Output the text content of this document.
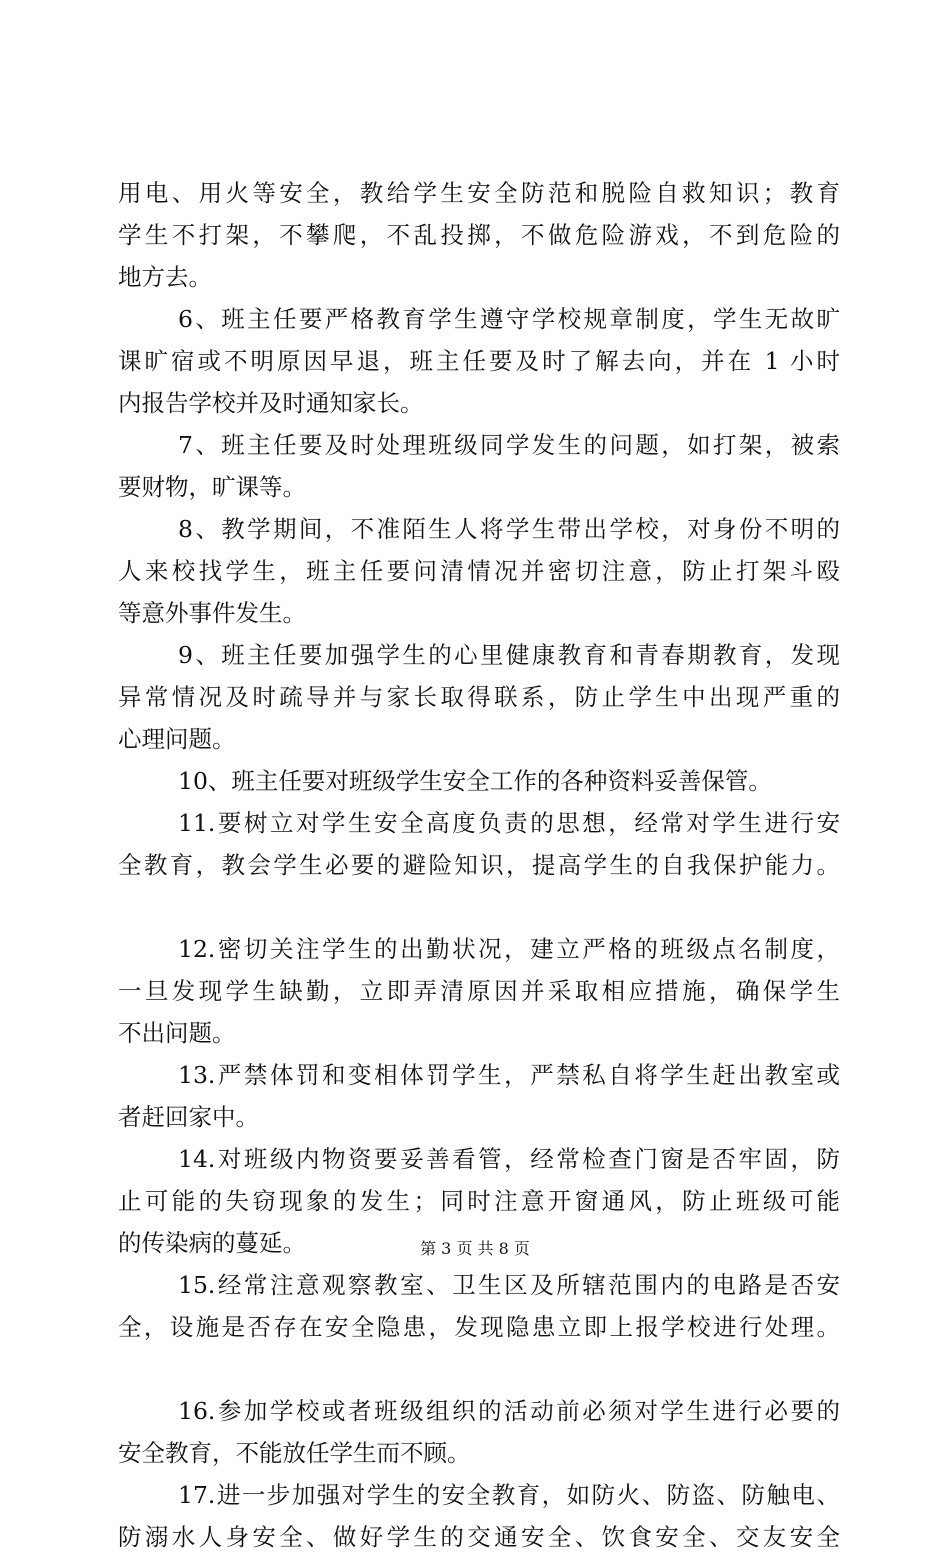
用电、用火等安全，教给学生安全防范和脱险自救知识；教育
学生不打架，不攀爬，不乱投掷，不做危险游戏，不到危险的
地方去。
6、班主任要严格教育学生遵守学校规章制度，学生无故旷
课旷宿或不明原因早退，班主任要及时了解去向，并在 1 小时
内报告学校并及时通知家长。
7、班主任要及时处理班级同学发生的问题，如打架，被索
要财物，旷课等。
8、教学期间，不准陌生人将学生带出学校，对身份不明的
人来校找学生，班主任要问清情况并密切注意，防止打架斗殴
等意外事件发生。
9、班主任要加强学生的心里健康教育和青春期教育，发现
异常情况及时疏导并与家长取得联系，防止学生中出现严重的
心理问题。
10、班主任要对班级学生安全工作的各种资料妥善保管。
11.要树立对学生安全高度负责的思想，经常对学生进行安
全教育，教会学生必要的避险知识，提高学生的自我保护能力。
12.密切关注学生的出勤状况，建立严格的班级点名制度，
一旦发现学生缺勤，立即弄清原因并采取相应措施，确保学生
不出问题。
13.严禁体罚和变相体罚学生，严禁私自将学生赶出教室或
者赶回家中。
14.对班级内物资要妥善看管，经常检查门窗是否牢固，防
止可能的失窃现象的发生；同时注意开窗通风，防止班级可能
的传染病的蔓延。
15.经常注意观察教室、卫生区及所辖范围内的电路是否安
全，设施是否存在安全隐患，发现隐患立即上报学校进行处理。
16.参加学校或者班级组织的活动前必须对学生进行必要的
安全教育，不能放任学生而不顾。
17.进一步加强对学生的安全教育，如防火、防盗、防触电、
防溺水人身安全、做好学生的交通安全、饮食安全、交友安全
第 3 页 共 8 页
